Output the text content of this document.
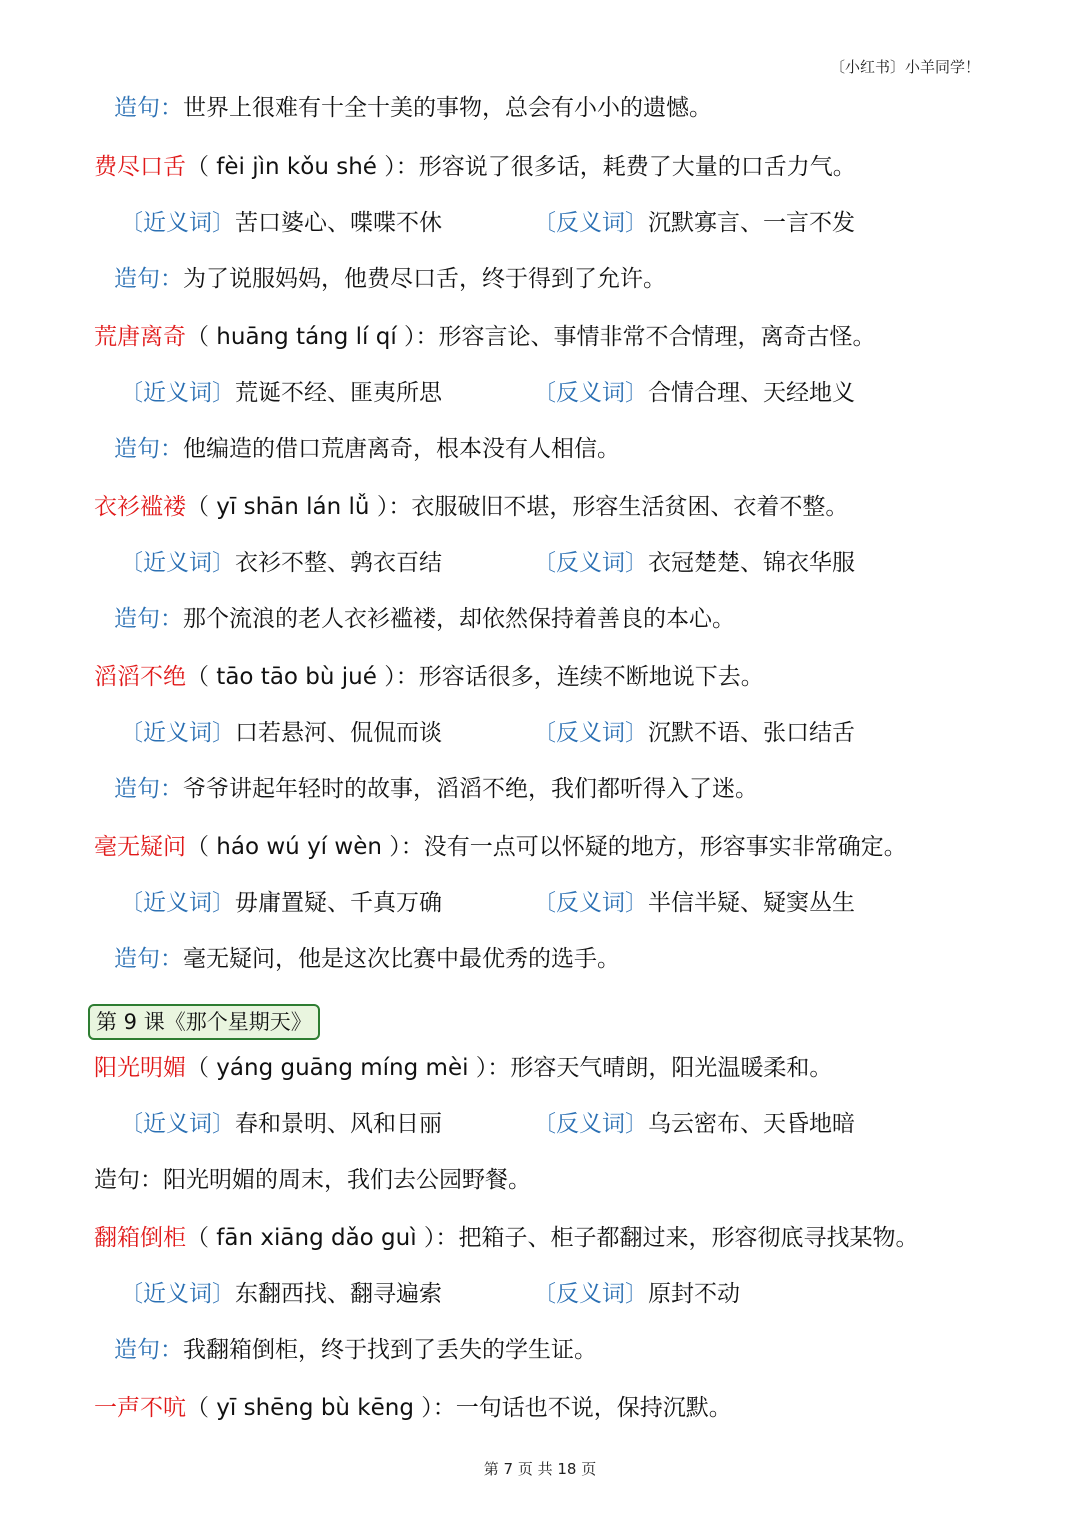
〔小红书〕小羊同学！
造句：世界上很难有十全十美的事物，总会有小小的遗憾。
费尽口舌（ fèi jìn kǒu shé ）：形容说了很多话，耗费了大量的口舌力气。
〔近义词〕苦口婆心、喋喋不休	〔反义词〕沉默寡言、一言不发
造句：为了说服妈妈，他费尽口舌，终于得到了允许。
荒唐离奇（ huāng táng lí qí ）：形容言论、事情非常不合情理，离奇古怪。
〔近义词〕荒诞不经、匪夷所思	〔反义词〕合情合理、天经地义
造句：他编造的借口荒唐离奇，根本没有人相信。
衣衫褴褛（ yī shān lán lǚ ）：衣服破旧不堪，形容生活贫困、衣着不整。
〔近义词〕衣衫不整、鹑衣百结	〔反义词〕衣冠楚楚、锦衣华服
造句：那个流浪的老人衣衫褴褛，却依然保持着善良的本心。
滔滔不绝（ tāo tāo bù jué ）：形容话很多，连续不断地说下去。
〔近义词〕口若悬河、侃侃而谈	〔反义词〕沉默不语、张口结舌
造句：爷爷讲起年轻时的故事，滔滔不绝，我们都听得入了迷。
毫无疑问（ háo wú yí wèn ）：没有一点可以怀疑的地方，形容事实非常确定。
〔近义词〕毋庸置疑、千真万确	〔反义词〕半信半疑、疑窦丛生
造句：毫无疑问，他是这次比赛中最优秀的选手。
第 9 课《那个星期天》
阳光明媚（ yáng guāng míng mèi ）：形容天气晴朗，阳光温暖柔和。
〔近义词〕春和景明、风和日丽	〔反义词〕乌云密布、天昏地暗
造句：阳光明媚的周末，我们去公园野餐。
翻箱倒柜（ fān xiāng dǎo guì ）：把箱子、柜子都翻过来，形容彻底寻找某物。
〔近义词〕东翻西找、翻寻遍索	〔反义词〕原封不动
造句：我翻箱倒柜，终于找到了丢失的学生证。
一声不吭（ yī shēng bù kēng ）：一句话也不说，保持沉默。
第 7 页 共 18 页
